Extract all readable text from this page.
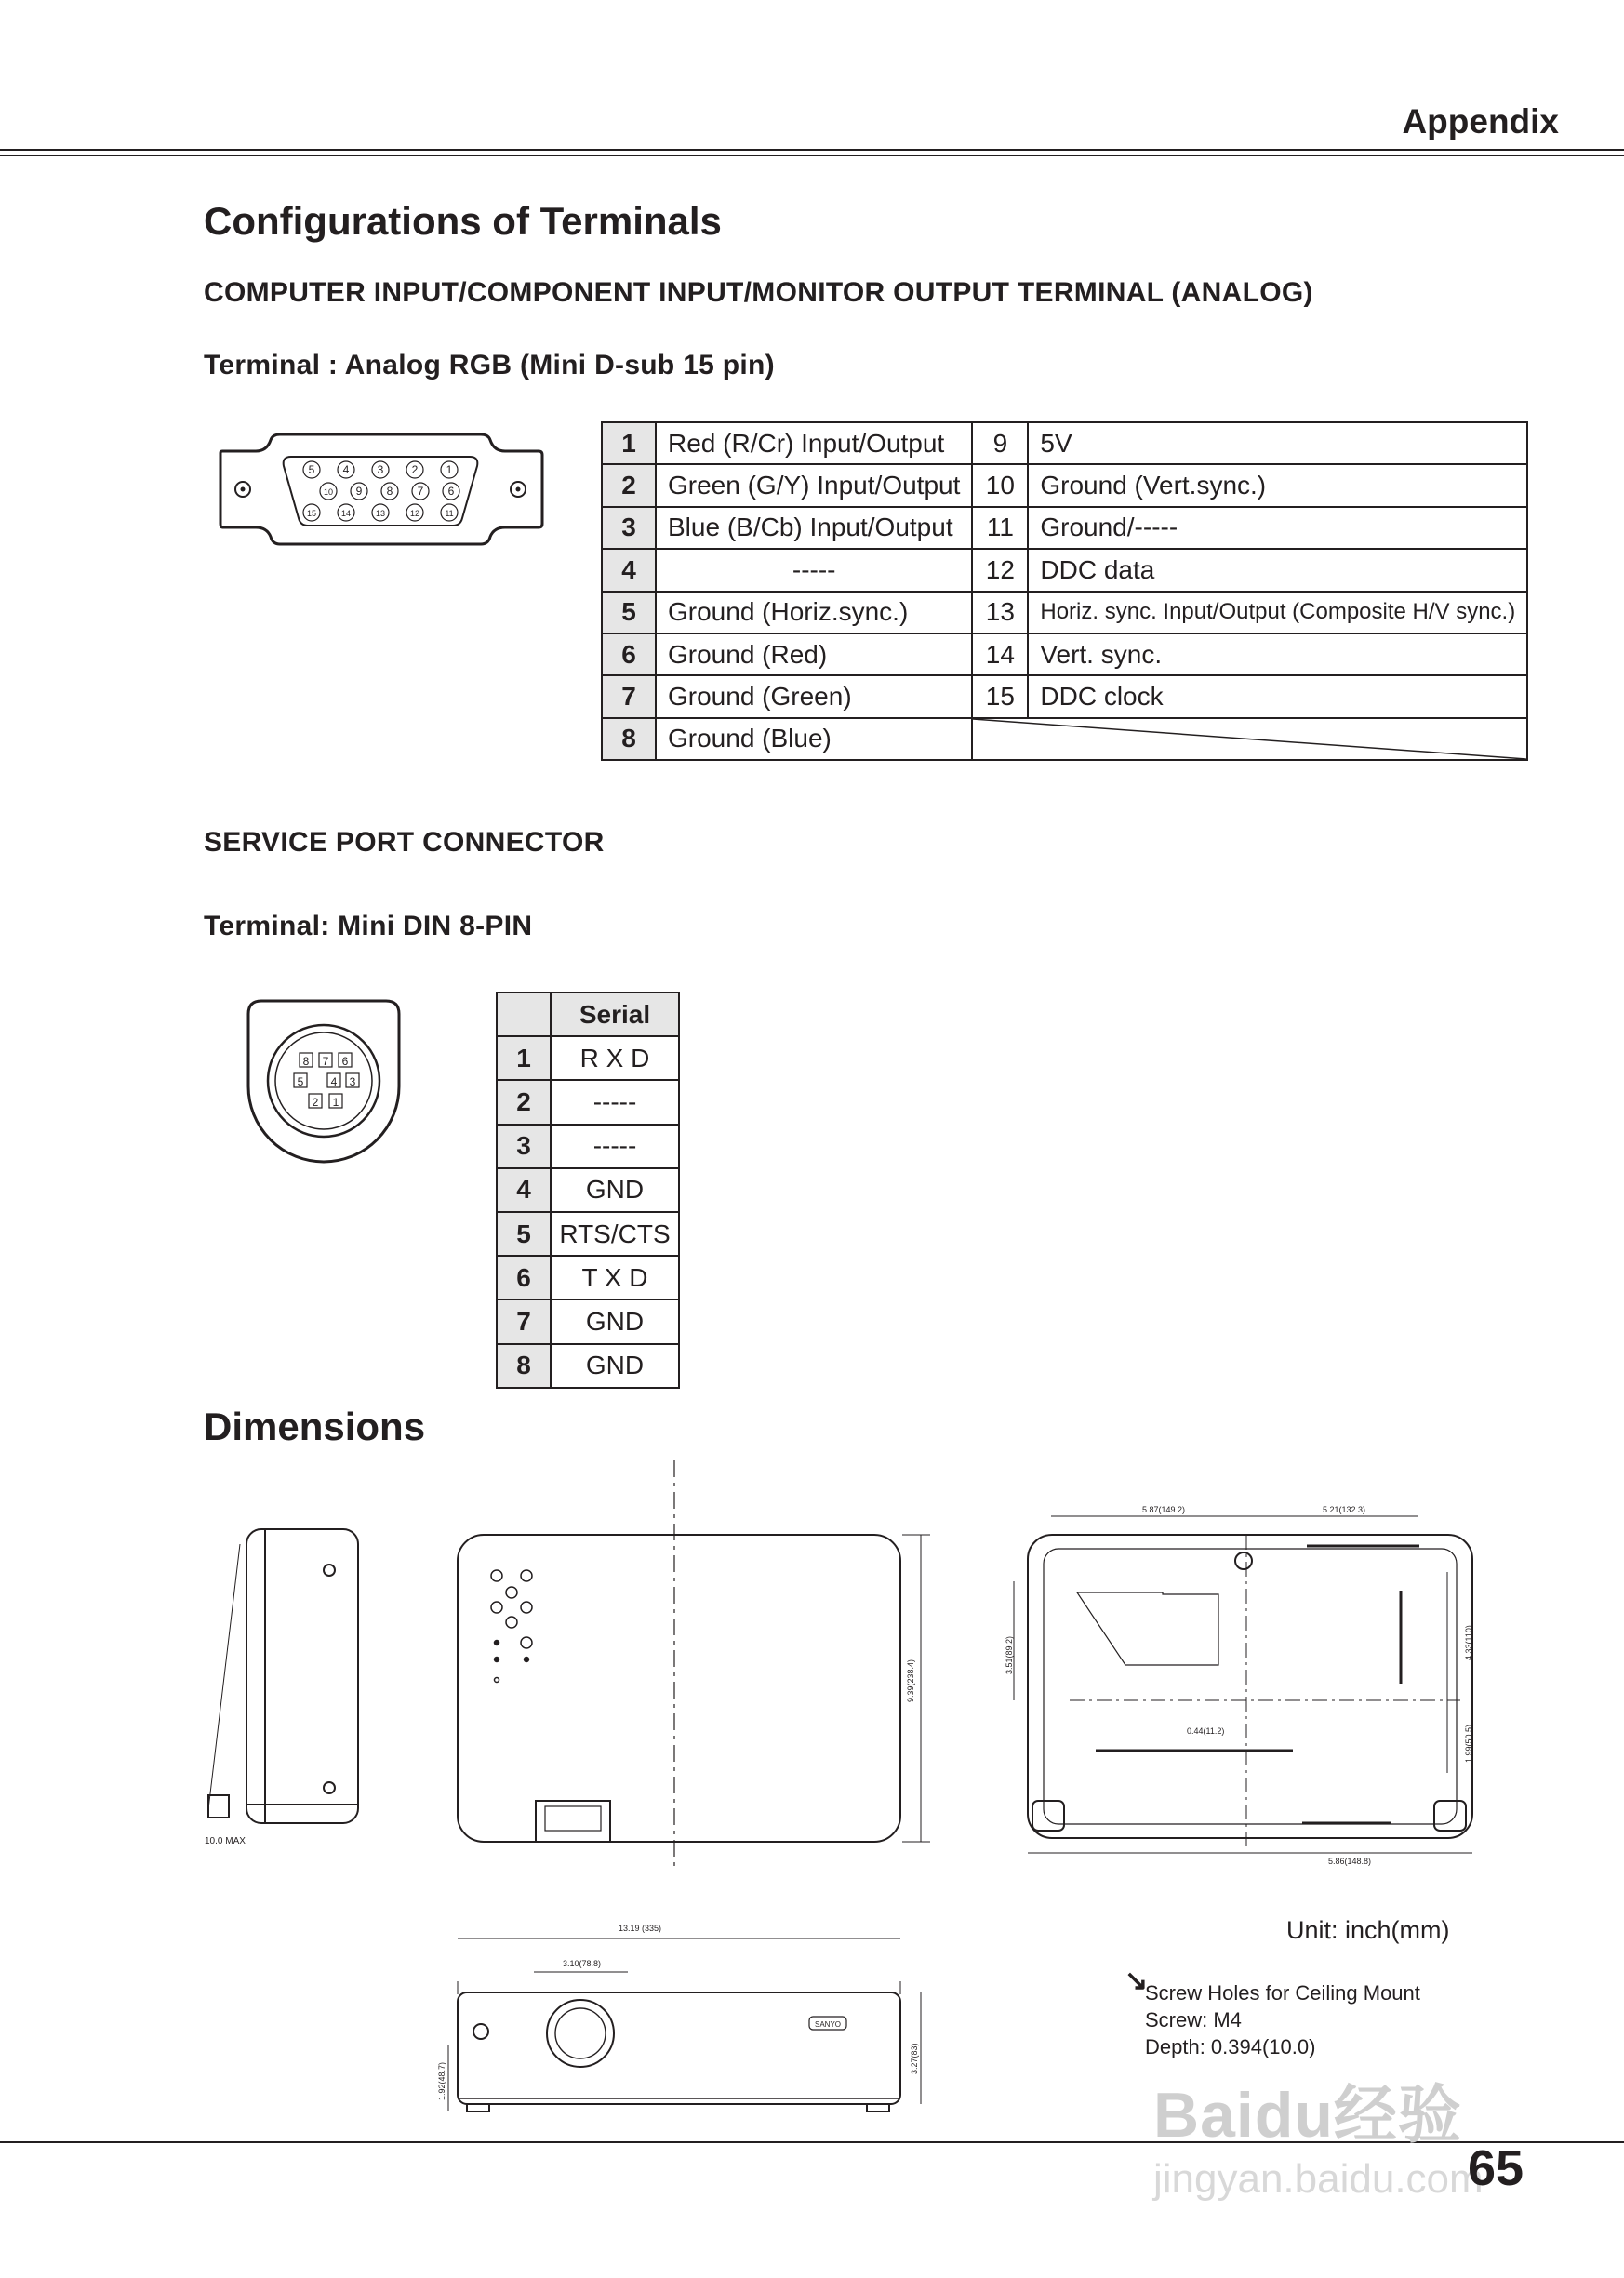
Appendix
Configurations of Terminals
COMPUTER INPUT/COMPONENT INPUT/MONITOR OUTPUT TERMINAL (ANALOG)
Terminal : Analog RGB (Mini D-sub 15 pin)
5	4	3	2	1
10 9 8 7 6
15	14	13	12	11
1	Red (R/Cr) Input/Output	9	5V
2	Green (G/Y) Input/Output	10	Ground (Vert.sync.)
3	Blue (B/Cb) Input/Output	11	Ground/-----
4	-----	12	DDC data
5	Ground (Horiz.sync.)	13	Horiz. sync. Input/Output (Composite H/V sync.)
6	Ground (Red)	14	Vert. sync.
7	Ground (Green)	15	DDC clock
8	Ground (Blue)	
SERVICE PORT CONNECTOR
Terminal: Mini DIN 8-PIN
8 7 6
5 4 3
2 1
	Serial
1	R X D
2	-----
3	-----
4	GND
5	RTS/CTS
6	T X D
7	GND
8	GND
Dimensions
10.0 MAX
9.39(238.4)
5.87(149.2)	5.21(132.3)
3.51(89.2)	4.33(110)
1.99(50.5)
0.44(11.2)
5.86(148.8)
SANYO
13.19 (335)
3.10(78.8)
3.27(83)
1.92(48.7)
Unit: inch(mm)
↘
Screw Holes for Ceiling Mount
Screw: M4
Depth: 0.394(10.0)
Baidu经验
jingyan.baidu.com
65
